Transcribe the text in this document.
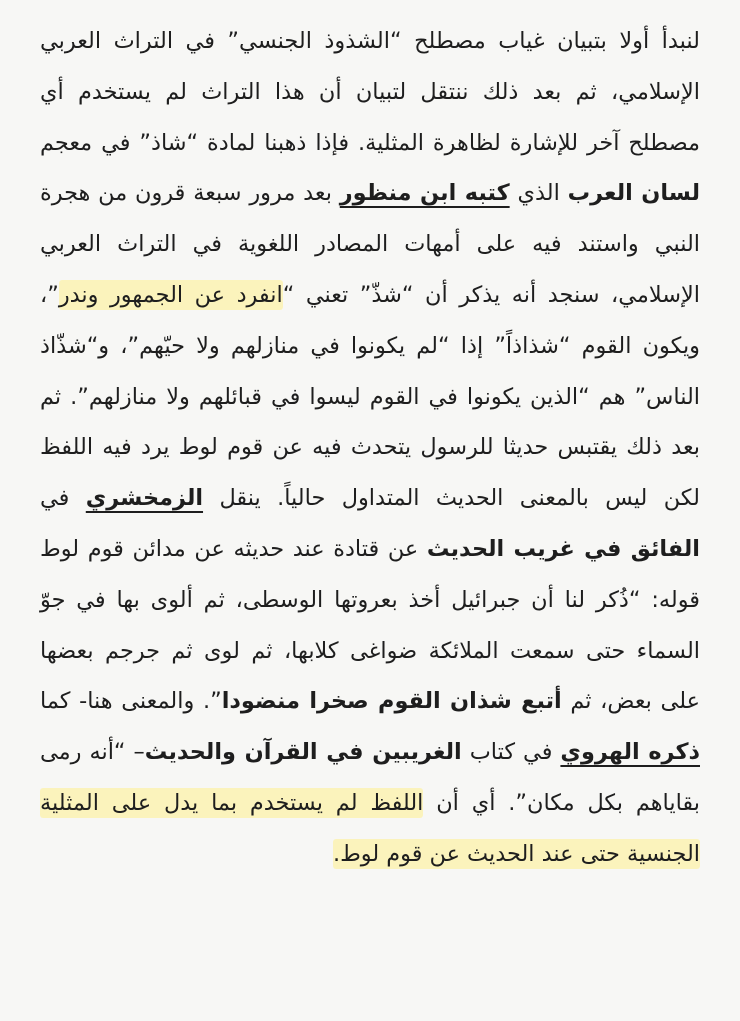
لنبدأ أولا بتبيان غياب مصطلح “الشذوذ الجنسي” في التراث العربي الإسلامي، ثم بعد ذلك ننتقل لتبيان أن هذا التراث لم يستخدم أي مصطلح آخر للإشارة لظاهرة المثلية. فإذا ذهبنا لمادة “شاذ” في معجم لسان العرب الذي كتبه ابن منظور بعد مرور سبعة قرون من هجرة النبي واستند فيه على أمهات المصادر اللغوية في التراث العربي الإسلامي، سنجد أنه يذكر أن “شذّ” تعني “انفرد عن الجمهور وندر”، ويكون القوم “شذاذاً” إذا “لم يكونوا في منازلهم ولا حيّهم”، و“شذّاذ الناس” هم “الذين يكونوا في القوم ليسوا في قبائلهم ولا منازلهم”. ثم بعد ذلك يقتبس حديثا للرسول يتحدث فيه عن قوم لوط يرد فيه اللفظ لكن ليس بالمعنى الحديث المتداول حالياً. ينقل الزمخشري في الفائق في غريب الحديث عن قتادة عند حديثه عن مدائن قوم لوط قوله: “ذُكر لنا أن جبرائيل أخذ بعروتها الوسطى، ثم ألوى بها في جوّ السماء حتى سمعت الملائكة ضواغى كلابها، ثم لوى ثم جرجم بعضها على بعض، ثم أتبع شذان القوم صخرا منضودا”. والمعنى هنا- كما ذكره الهروي في كتاب الغريبين في القرآن والحديث– “أنه رمى بقاياهم بكل مكان”. أي أن اللفظ لم يستخدم بما يدل على المثلية الجنسية حتى عند الحديث عن قوم لوط.
